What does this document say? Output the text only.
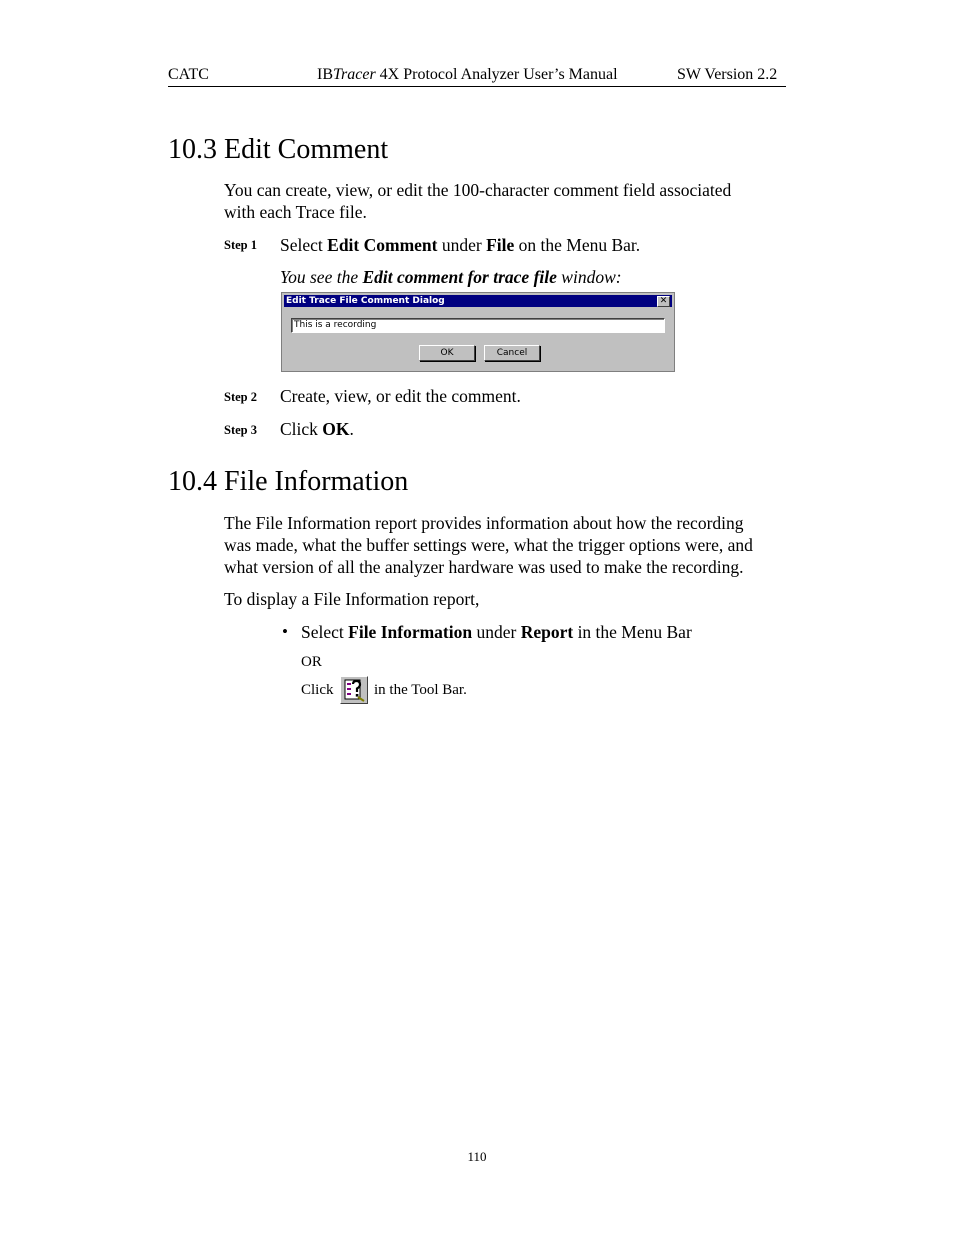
CATC	IBTracer 4X Protocol Analyzer User’s Manual	SW Version 2.2
10.3 Edit Comment
You can create, view, or edit the 100-character comment field associated
with each Trace file.
Step 1 Select Edit Comment under File on the Menu Bar.
You see the Edit comment for trace file window:
Edit Trace File Comment Dialog	✕
This is a recording
OK	Cancel
Step 2 Create, view, or edit the comment.
Step 3 Click OK.
10.4 File Information
The File Information report provides information about how the recording
was made, what the buffer settings were, what the trigger options were, and
what version of all the analyzer hardware was used to make the recording.
To display a File Information report,
• Select File Information under Report in the Menu Bar
OR
Click	in the Tool Bar.
110
